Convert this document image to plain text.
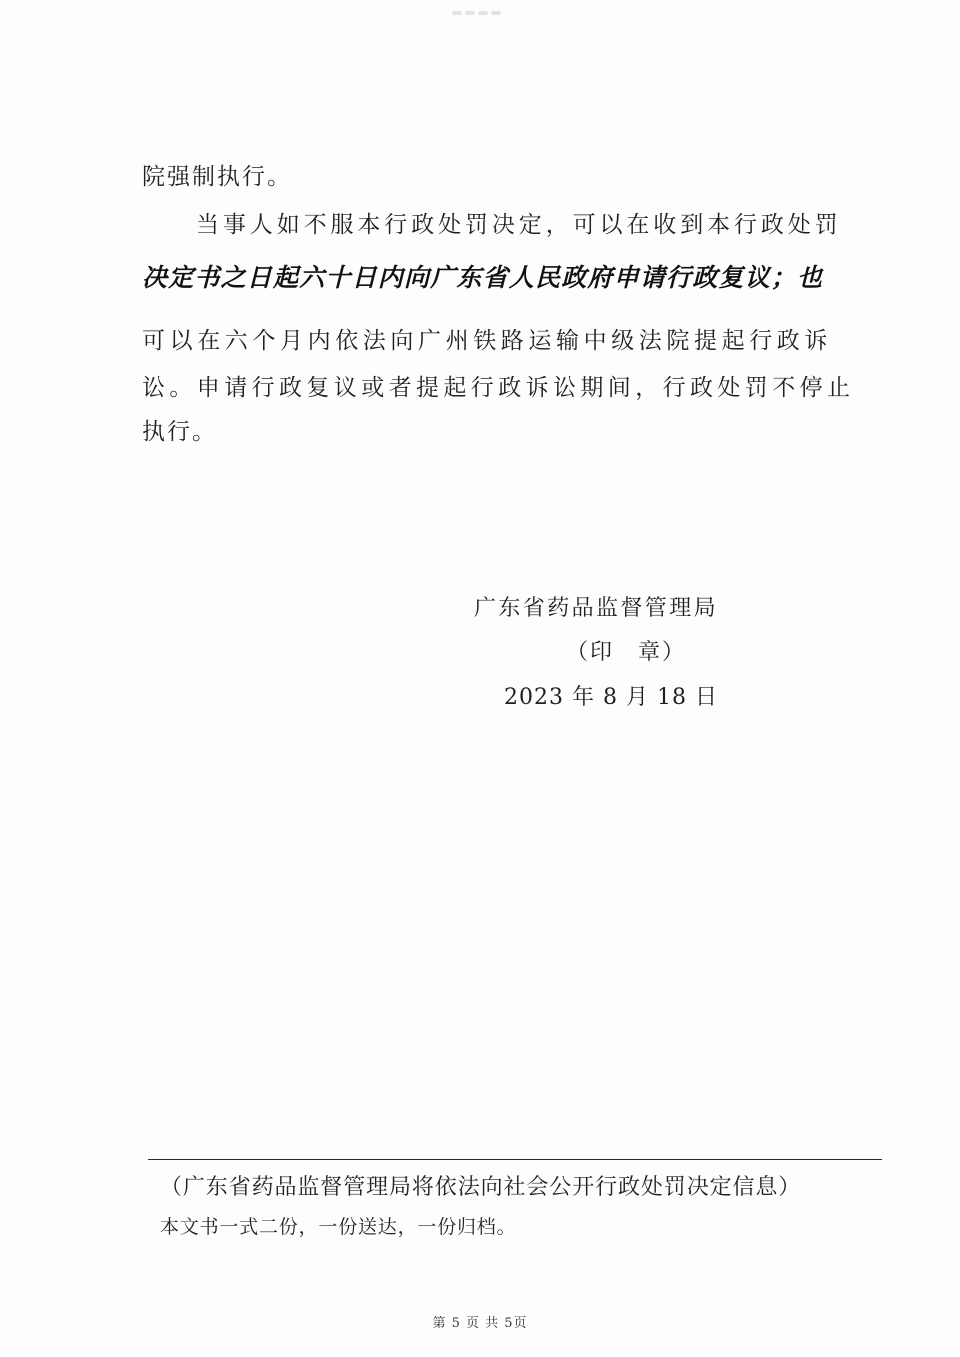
院强制执行。
当事人如不服本行政处罚决定，可以在收到本行政处罚
决定书之日起六十日内向广东省人民政府申请行政复议；也
可以在六个月内依法向广州铁路运输中级法院提起行政诉
讼。申请行政复议或者提起行政诉讼期间，行政处罚不停止
执行。
广东省药品监督管理局
（印　章）
2023 年 8 月 18 日
（广东省药品监督管理局将依法向社会公开行政处罚决定信息）
本文书一式二份，一份送达，一份归档。
第 5 页 共 5页
